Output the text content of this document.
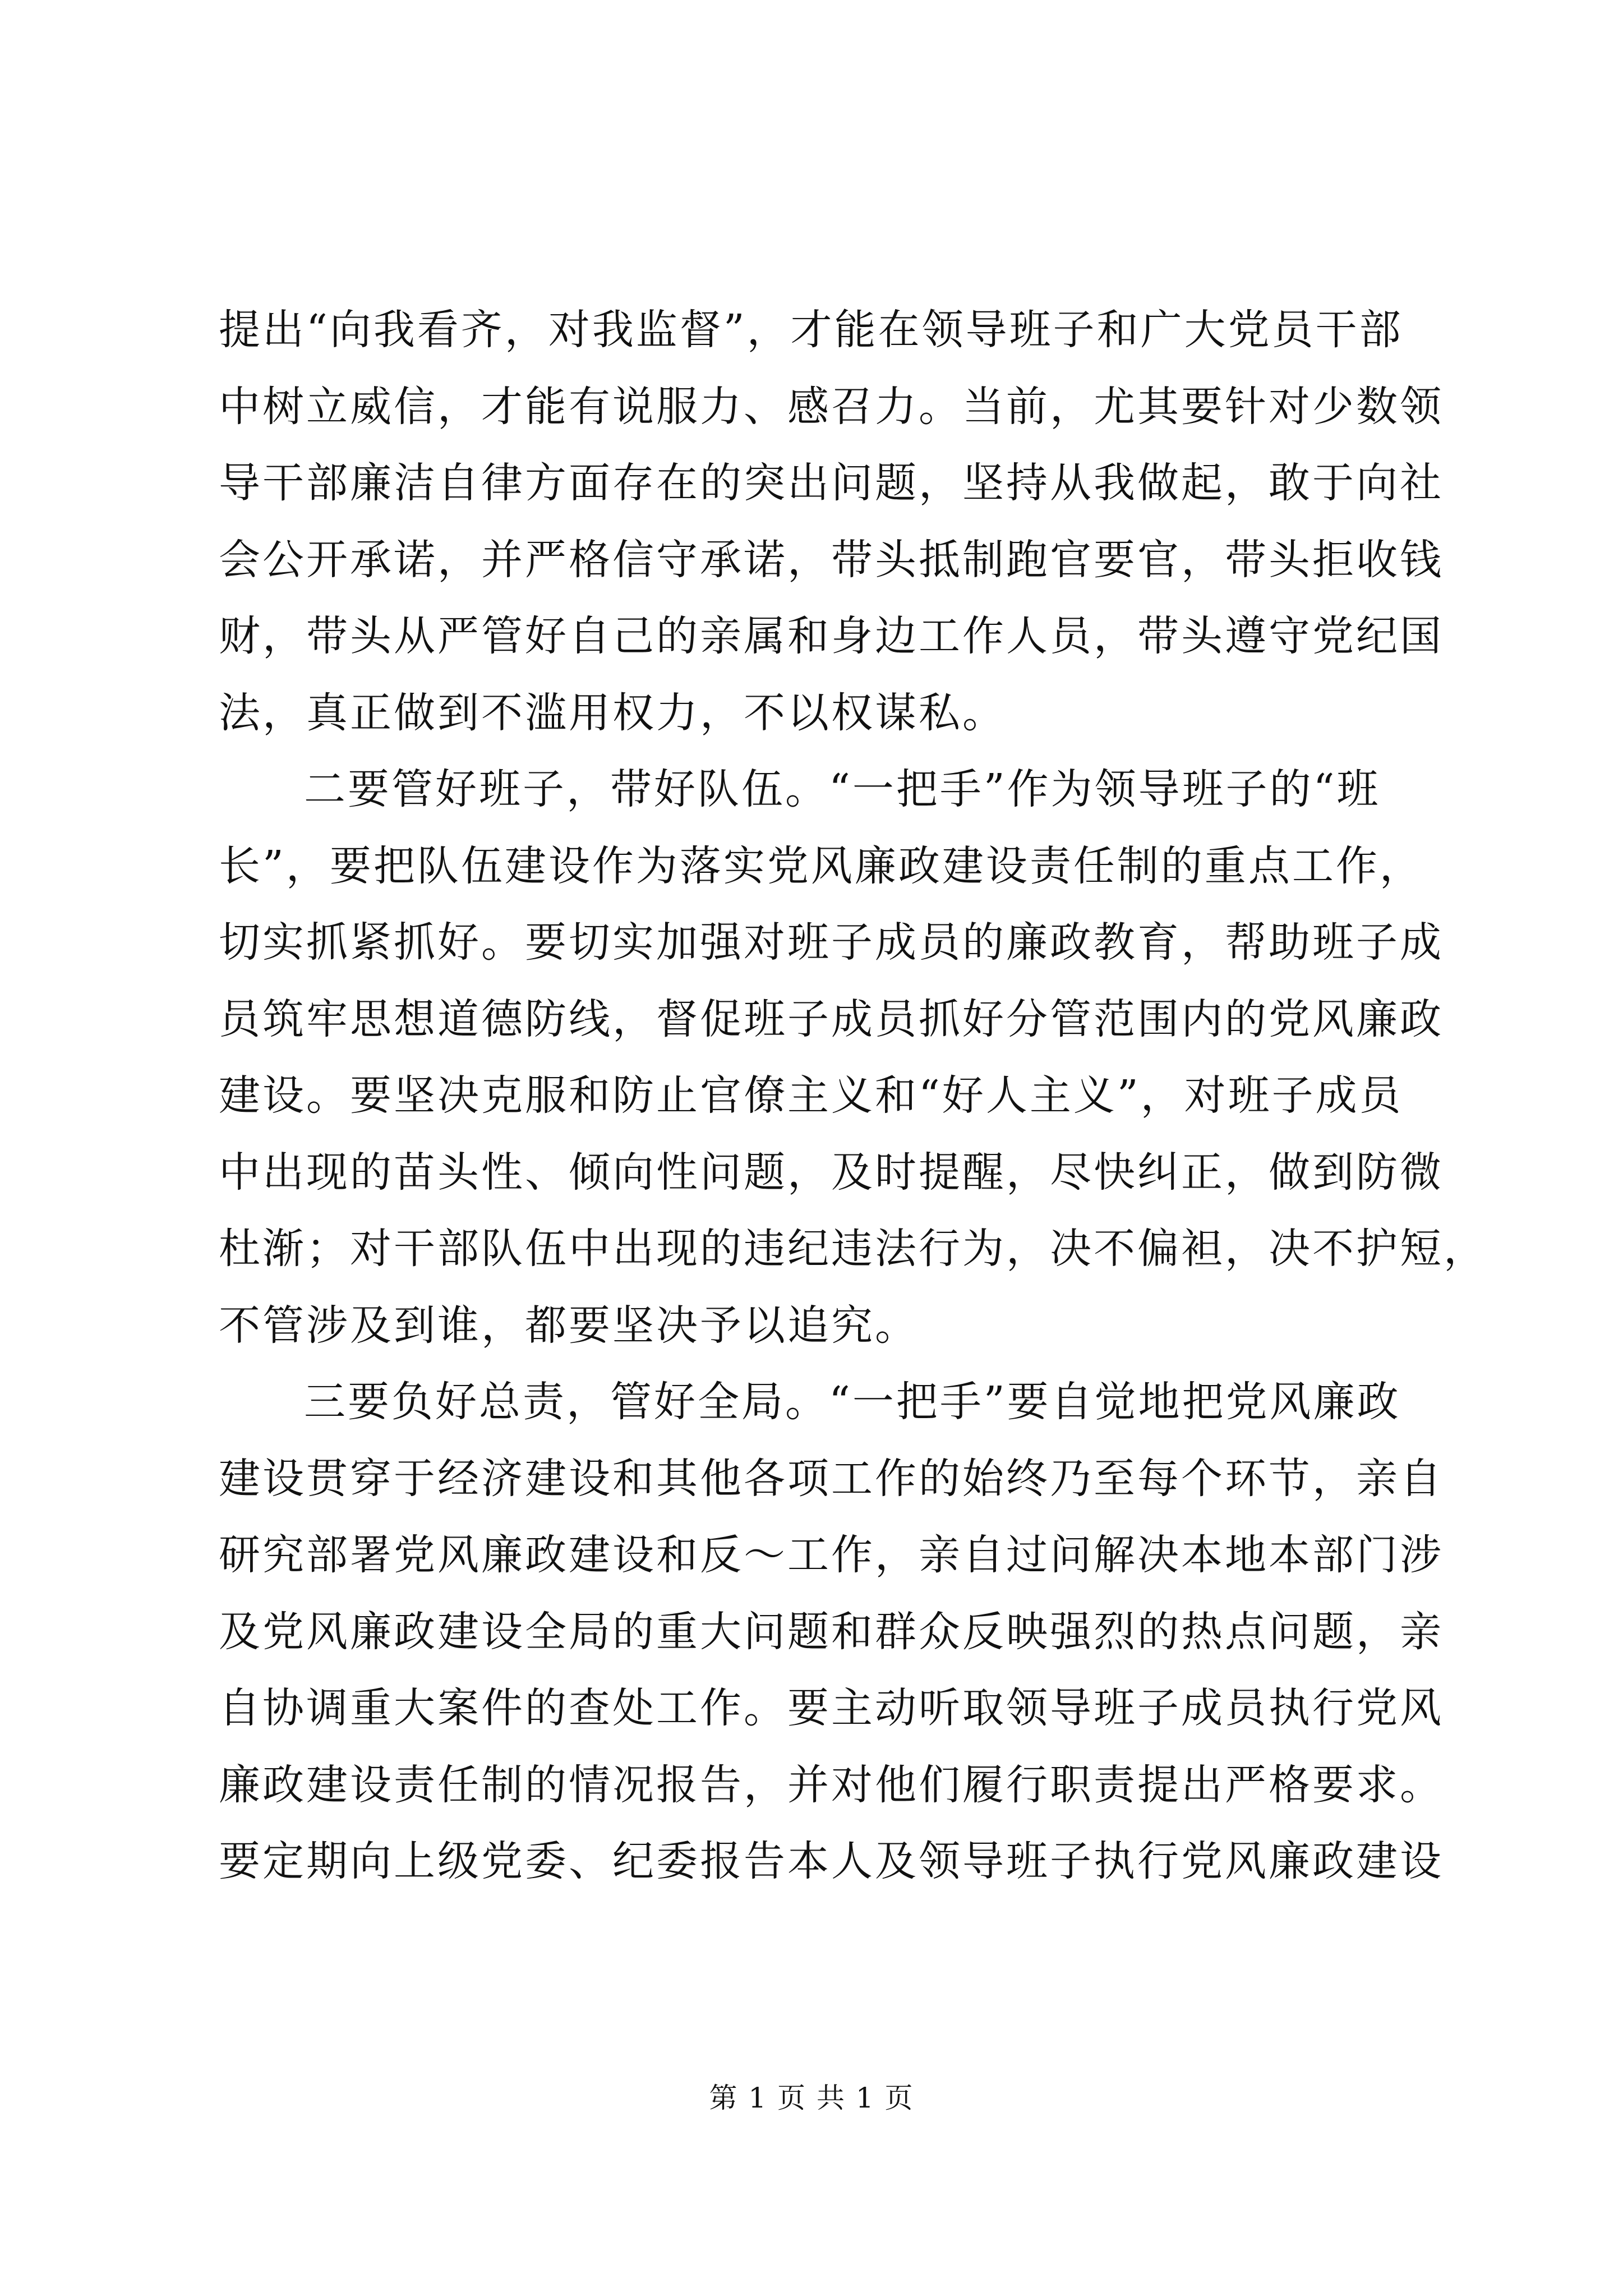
提出“向我看齐，对我监督”，才能在领导班子和广大党员干部
中树立威信，才能有说服力、感召力。当前，尤其要针对少数领
导干部廉洁自律方面存在的突出问题，坚持从我做起，敢于向社
会公开承诺，并严格信守承诺，带头抵制跑官要官，带头拒收钱
财，带头从严管好自己的亲属和身边工作人员，带头遵守党纪国
法，真正做到不滥用权力，不以权谋私。
二要管好班子，带好队伍。“一把手”作为领导班子的“班
长”，要把队伍建设作为落实党风廉政建设责任制的重点工作，
切实抓紧抓好。要切实加强对班子成员的廉政教育，帮助班子成
员筑牢思想道德防线，督促班子成员抓好分管范围内的党风廉政
建设。要坚决克服和防止官僚主义和“好人主义”，对班子成员
中出现的苗头性、倾向性问题，及时提醒，尽快纠正，做到防微
杜渐；对干部队伍中出现的违纪违法行为，决不偏袒，决不护短，
不管涉及到谁，都要坚决予以追究。
三要负好总责，管好全局。“一把手”要自觉地把党风廉政
建设贯穿于经济建设和其他各项工作的始终乃至每个环节，亲自
研究部署党风廉政建设和反～工作，亲自过问解决本地本部门涉
及党风廉政建设全局的重大问题和群众反映强烈的热点问题，亲
自协调重大案件的查处工作。要主动听取领导班子成员执行党风
廉政建设责任制的情况报告，并对他们履行职责提出严格要求。
要定期向上级党委、纪委报告本人及领导班子执行党风廉政建设
第 1 页 共 1 页
